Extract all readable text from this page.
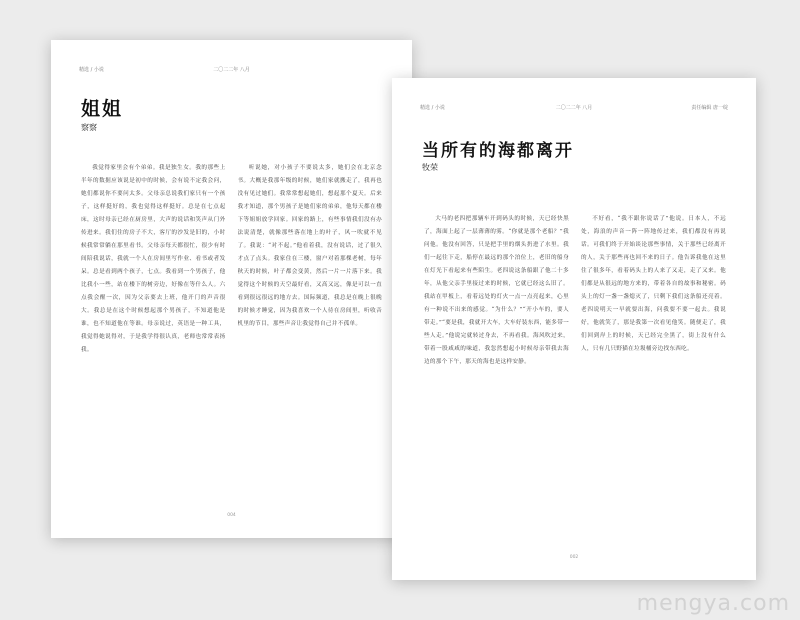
精选 / 小说	二〇二二年 八月
姐姐
察察

我觉得家里会有个弟弟。我是独生女。我的那些上半年的数据应该说是初中的时候，会有说不定我会问，她们都说你不要问太多。父母亲总说我们家只有一个孩子，这样挺好的，我也觉得这样挺好。总是在七点起床，这时母亲已经在厨房里，大声的说话和笑声从门外传进来。我们住的房子不大，客厅的沙发是旧的，小时候我常常躺在那里看书。父母亲每天都很忙，很少有时间陪我说话，我就一个人在房间里写作业、看书或者发呆。总是看到两个孩子，七点。我看到一个男孩子，他比我小一些，站在楼下的树旁边，好像在等什么人。六点我会醒一次，因为父亲要去上班，他开门的声音很大。我总是在这个时候想起那个男孩子，不知道他是谁，也不知道他在等谁。母亲说过，英语是一种工具，我觉得她说得对，于是我学得很认真，老师也常常表扬我。

听说她，对小孩子不要说太多，她们会在北京念书。大概是我那年级的时候，她们家就搬走了，我再也没有见过她们。我常常想起她们，想起那个夏天。后来我才知道，那个男孩子是她们家的弟弟，他每天都在楼下等姐姐放学回家。回家的路上，有些事情我们没有办法说清楚，就像那些落在地上的叶子，风一吹就不见了。我说：“对不起。”他看着我，没有说话，过了很久才点了点头。我家住在三楼，窗户对着那棵老树，每年秋天的时候，叶子都会变黄，然后一片一片落下来。我觉得这个时候的天空最好看，又高又远，像是可以一直看到很远很远的地方去。国际频道，我总是在晚上很晚的时候才睡觉，因为我喜欢一个人待在房间里，听收音机里的节目，那些声音让我觉得自己并不孤单。

004
精选 / 小说	二〇二二年 八月	责任编辑 唐一绽
当所有的海都离开
牧荣

大马的老四把那辆车开到码头的时候，天已经快黑了，海面上起了一层薄薄的雾。“你就是那个老船？”我问他。他没有回答，只是把手里的烟头扔进了水里。我们一起往下走，船停在最远的那个泊位上，老旧的船身在灯光下看起来有些陌生。老四说这条船跟了他二十多年，从他父亲手里接过来的时候，它就已经这么旧了。我站在甲板上，看着远处的灯火一点一点亮起来，心里有一种说不出来的感觉。“为什么？”“开小车的，要人带走。”“要是我，我就开大车，大车好装东西，能多带一些人走。”他说完就转过身去，不再看我。海风吹过来，带着一股咸咸的味道，我忽然想起小时候母亲带我去海边的那个下午，那天的海也是这样安静。

不好看，“我不跟你说话了”他说。日本人，不远处，海浪的声音一阵一阵地传过来，我们都没有再说话。可我们终于开始谈论那些事情，关于那些已经离开的人，关于那些再也回不来的日子。他告诉我他在这里住了很多年，看着码头上的人来了又走，走了又来。他们都是从很远的地方来的，带着各自的故事和秘密。码头上的灯一盏一盏熄灭了，只剩下我们这条船还亮着。老四说明天一早就要出海，问我要不要一起去。我说好，他就笑了，那是我第一次看见他笑。随便走了，我们回到岸上的时候，天已经完全黑了，街上没有什么人，只有几只野猫在垃圾桶旁边找东西吃。

002
mengya.com
